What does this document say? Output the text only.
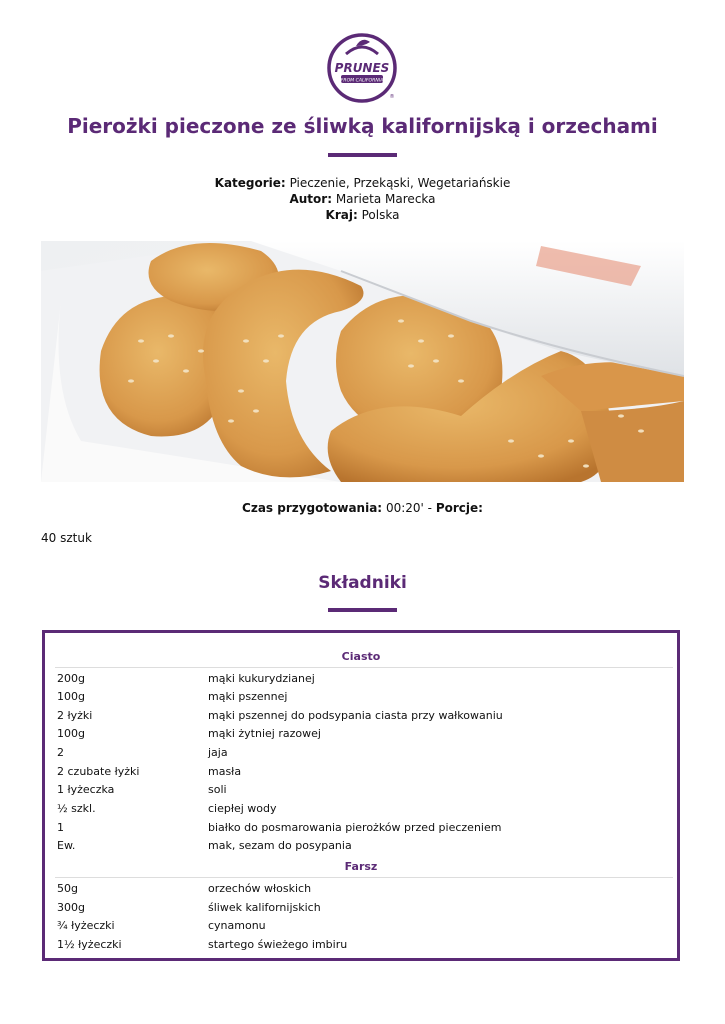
PRUNES
FROM CALIFORNIA
®
Pierożki pieczone ze śliwką kalifornijską i orzechami
Kategorie: Pieczenie, Przekąski, Wegetariańskie
Autor: Marieta Marecka
Kraj: Polska
Czas przygotowania: 00:20' - Porcje:
40 sztuk
Składniki
Ciasto
200g	mąki kukurydzianej
100g	mąki pszennej
2 łyżki	mąki pszennej do podsypania ciasta przy wałkowaniu
100g	mąki żytniej razowej
2	jaja
2 czubate łyżki	masła
1 łyżeczka	soli
½ szkl.	ciepłej wody
1	białko do posmarowania pierożków przed pieczeniem
Ew.	mak, sezam do posypania
Farsz
50g	orzechów włoskich
300g	śliwek kalifornijskich
¾ łyżeczki	cynamonu
1½ łyżeczki	startego świeżego imbiru
